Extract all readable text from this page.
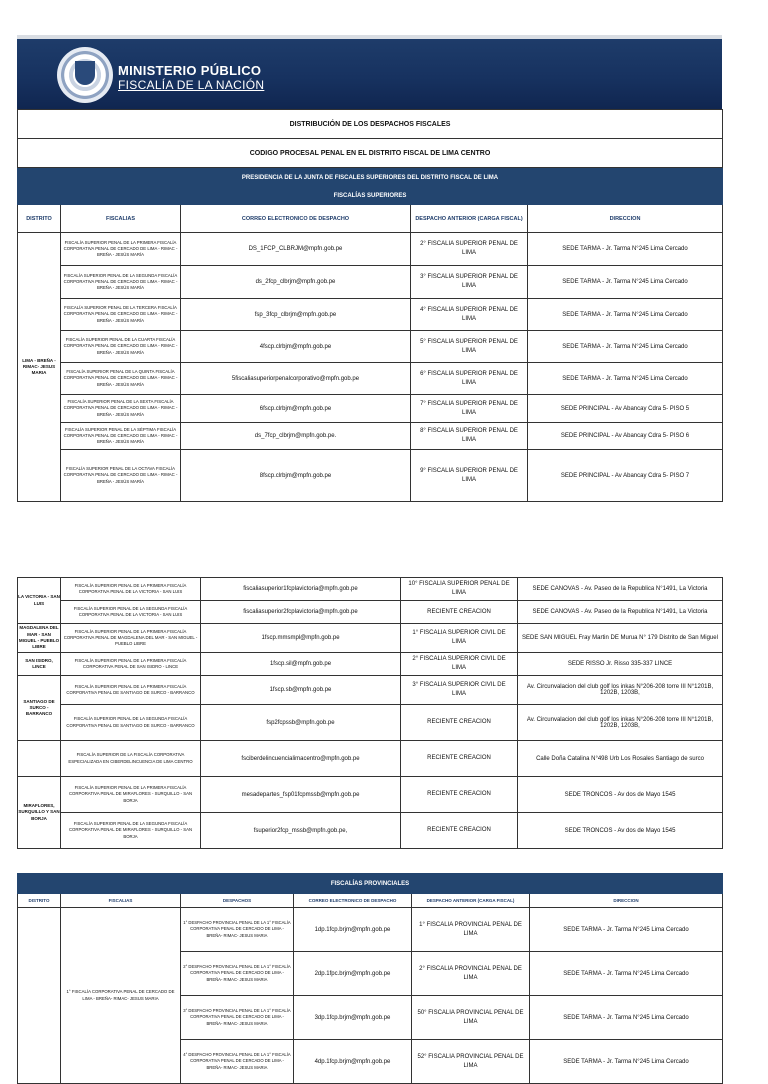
MINISTERIO PÚBLICO
FISCALÍA DE LA NACIÓN
DISTRIBUCIÓN DE LOS DESPACHOS FISCALES				
CODIGO PROCESAL PENAL EN EL DISTRITO FISCAL DE LIMA CENTRO				
PRESIDENCIA DE LA JUNTA DE FISCALES SUPERIORES DEL DISTRITO FISCAL DE LIMA				
FISCALÍAS SUPERIORES				
DISTRITO	FISCALIAS	CORREO ELECTRONICO DE DESPACHO	DESPACHO ANTERIOR (CARGA FISCAL)	DIRECCION
LIMA - BREÑA - RIMAC- JESUS MARIA	FISCALÍA SUPERIOR PENAL DE LA PRIMERA FISCALÍA CORPORATIVA PENAL DE CERCADO DE LIMA - RIMAC - BREÑA - JESÚS MARÍA	DS_1FCP_CLBRJM@mpfn.gob.pe	2° FISCALIA SUPERIOR PENAL DE LIMA	SEDE TARMA - Jr. Tarma N°245 Lima Cercado
	FISCALÍA SUPERIOR PENAL DE LA SEGUNDA FISCALÍA CORPORATIVA PENAL DE CERCADO DE LIMA - RIMAC - BREÑA - JESÚS MARÍA	ds_2fcp_clbrjm@mpfn.gob.pe	3° FISCALIA SUPERIOR PENAL DE LIMA	SEDE TARMA - Jr. Tarma N°245 Lima Cercado
	FISCALÍA SUPERIOR PENAL DE LA TERCERA FISCALÍA CORPORATIVA PENAL DE CERCADO DE LIMA - RIMAC - BREÑA - JESÚS MARÍA	fsp_3fcp_clbrjm@mpfn.gob.pe	4° FISCALIA SUPERIOR PENAL DE LIMA	SEDE TARMA - Jr. Tarma N°245 Lima Cercado
	FISCALÍA SUPERIOR PENAL DE LA CUARTA FISCALÍA CORPORATIVA PENAL DE CERCADO DE LIMA - RIMAC - BREÑA - JESÚS MARÍA	4fscp.clrbjm@mpfn.gob.pe	5° FISCALIA SUPERIOR PENAL DE LIMA	SEDE TARMA - Jr. Tarma N°245 Lima Cercado
	FISCALÍA SUPERIOR PENAL DE LA QUINTA FISCALÍA CORPORATIVA PENAL DE CERCADO DE LIMA - RIMAC - BREÑA - JESÚS MARÍA	5fiscaliasuperiorpenalcorporativo@mpfn.gob.pe	6° FISCALIA SUPERIOR PENAL DE LIMA	SEDE TARMA - Jr. Tarma N°245 Lima Cercado
	FISCALÍA SUPERIOR PENAL DE LA SEXTA FISCALÍA CORPORATIVA PENAL DE CERCADO DE LIMA - RIMAC - BREÑA - JESÚS MARÍA	6fscp.clrbjm@mpfn.gob.pe	7° FISCALIA SUPERIOR PENAL DE LIMA	SEDE PRINCIPAL - Av Abancay Cdra 5- PISO 5
	FISCALÍA SUPERIOR PENAL DE LA SÉPTIMA FISCALÍA CORPORATIVA PENAL DE CERCADO DE LIMA - RIMAC - BREÑA - JESÚS MARÍA	ds_7fcp_clbrjm@mpfn.gob.pe.	8° FISCALIA SUPERIOR PENAL DE LIMA	SEDE PRINCIPAL - Av Abancay Cdra 5- PISO 6
	FISCALÍA SUPERIOR PENAL DE LA OCTAVA FISCALÍA CORPORATIVA PENAL DE CERCADO DE LIMA - RIMAC - BREÑA - JESÚS MARÍA	8fscp.clrbjm@mpfn.gob.pe	9° FISCALIA SUPERIOR PENAL DE LIMA	SEDE PRINCIPAL - Av Abancay Cdra 5- PISO 7
LA VICTORIA - SAN LUIS	FISCALÍA SUPERIOR PENAL DE LA PRIMERA FISCALÍA CORPORATIVA PENAL DE LA VICTORIA - SAN LUIS	fiscaliasuperior1fcplavictoria@mpfn.gob.pe	10° FISCALIA SUPERIOR PENAL DE LIMA	SEDE CANOVAS - Av. Paseo de la Republica N°1491, La Victoria
	FISCALÍA SUPERIOR PENAL DE LA SEGUNDA FISCALÍA CORPORATIVA PENAL DE LA VICTORIA - SAN LUIS	fiscaliasuperior2fcplavictoria@mpfn.gob.pe	RECIENTE CREACION	SEDE CANOVAS - Av. Paseo de la Republica N°1491, La Victoria
MAGDALENA DEL MAR - SAN MIGUEL - PUEBLO LIBRE	FISCALÍA SUPERIOR PENAL DE LA PRIMERA FISCALÍA CORPORATIVA PENAL DE MAGDALENA DEL MAR - SAN MIGUEL - PUEBLO LIBRE	1fscp.mmsmpl@mpfn.gob.pe	1° FISCALIA SUPERIOR CIVIL DE LIMA	SEDE SAN MIGUEL Fray Martin DE Murua N° 179 Distrito de San Miguel
SAN ISIDRO, LINCE	FISCALÍA SUPERIOR PENAL DE LA PRIMERA FISCALÍA CORPORATIVA PENAL DE SAN ISIDRO - LINCE	1fscp.sil@mpfn.gob.pe	2° FISCALIA SUPERIOR CIVIL DE LIMA	SEDE RISSO Jr. Risso 335-337 LINCE
SANTIAGO DE SURCO - BARRANCO	FISCALÍA SUPERIOR PENAL DE LA PRIMERA FISCALÍA CORPORATIVA PENAL DE SANTIAGO DE SURCO - BARRANCO	1fscp.sb@mpfn.gob.pe	3° FISCALIA SUPERIOR CIVIL DE LIMA	Av. Circunvalacion del club golf los inkas N°206-208 torre III N°1201B, 1202B, 1203B,
	FISCALÍA SUPERIOR PENAL DE LA SEGUNDA FISCALÍA CORPORATIVA PENAL DE SANTIAGO DE SURCO - BARRANCO	fsp2fcpssb@mpfn.gob.pe	RECIENTE CREACION	Av. Circunvalacion del club golf los inkas N°206-208 torre III N°1201B, 1202B, 1203B,
	FISCALÍA SUPERIOR DE LA FISCALÍA CORPORATIVA ESPECIALIZADA EN CIBERDELINCUENCIA DE LIMA CENTRO	fsciberdelincuencialimacentro@mpfn.gob.pe	RECIENTE CREACION	Calle Doña Catalina N°498 Urb Los Rosales Santiago de surco
MIRAFLORES, SURQUILLO Y SAN BORJA	FISCALÍA SUPERIOR PENAL DE LA PRIMERA FISCALÍA CORPORATIVA PENAL DE MIRAFLORES - SURQUILLO - SAN BORJA	mesadepartes_fsp01fcpmssb@mpfn.gob.pe	RECIENTE CREACION	SEDE TRONCOS - Av dos de Mayo 1545
	FISCALÍA SUPERIOR PENAL DE LA SEGUNDA FISCALÍA CORPORATIVA PENAL DE MIRAFLORES - SURQUILLO - SAN BORJA	fsuperior2fcp_mssb@mpfn.gob.pe,	RECIENTE CREACION	SEDE TRONCOS - Av dos de Mayo 1545
FISCALÍAS PROVINCIALES					
DISTRITO	FISCALIAS	DESPACHOS	CORREO ELECTRONICO DE DESPACHO	DESPACHO ANTERIOR (CARGA FISCAL)	DIRECCION
	1° FISCALÍA CORPORATIVA PENAL DE CERCADO DE LIMA - BREÑA- RIMAC- JESUS MARIA	1° DESPACHO PROVINCIAL PENAL DE LA 1° FISCALÍA CORPORATIVA PENAL DE CERCADO DE LIMA - BREÑA- RIMAC- JESUS MARIA	1dp.1fcp.brjm@mpfn.gob.pe	1° FISCALIA PROVINCIAL PENAL DE LIMA	SEDE TARMA - Jr. Tarma N°245 Lima Cercado
		2° DESPACHO PROVINCIAL PENAL DE LA 1° FISCALÍA CORPORATIVA PENAL DE CERCADO DE LIMA - BREÑA- RIMAC- JESUS MARIA	2dp.1fpc.brjm@mpfn.gob.pe	2° FISCALIA PROVINCIAL PENAL DE LIMA	SEDE TARMA - Jr. Tarma N°245 Lima Cercado
		3° DESPACHO PROVINCIAL PENAL DE LA 1° FISCALÍA CORPORATIVA PENAL DE CERCADO DE LIMA - BREÑA- RIMAC- JESUS MARIA	3dp.1fcp.brjm@mpfn.gob.pe	50° FISCALIA PROVINCIAL PENAL DE LIMA	SEDE TARMA - Jr. Tarma N°245 Lima Cercado
		4° DESPACHO PROVINCIAL PENAL DE LA 1° FISCALÍA CORPORATIVA PENAL DE CERCADO DE LIMA - BREÑA- RIMAC- JESUS MARIA	4dp.1fcp.brjm@mpfn.gob.pe	52° FISCALIA PROVINCIAL PENAL DE LIMA	SEDE TARMA - Jr. Tarma N°245 Lima Cercado
